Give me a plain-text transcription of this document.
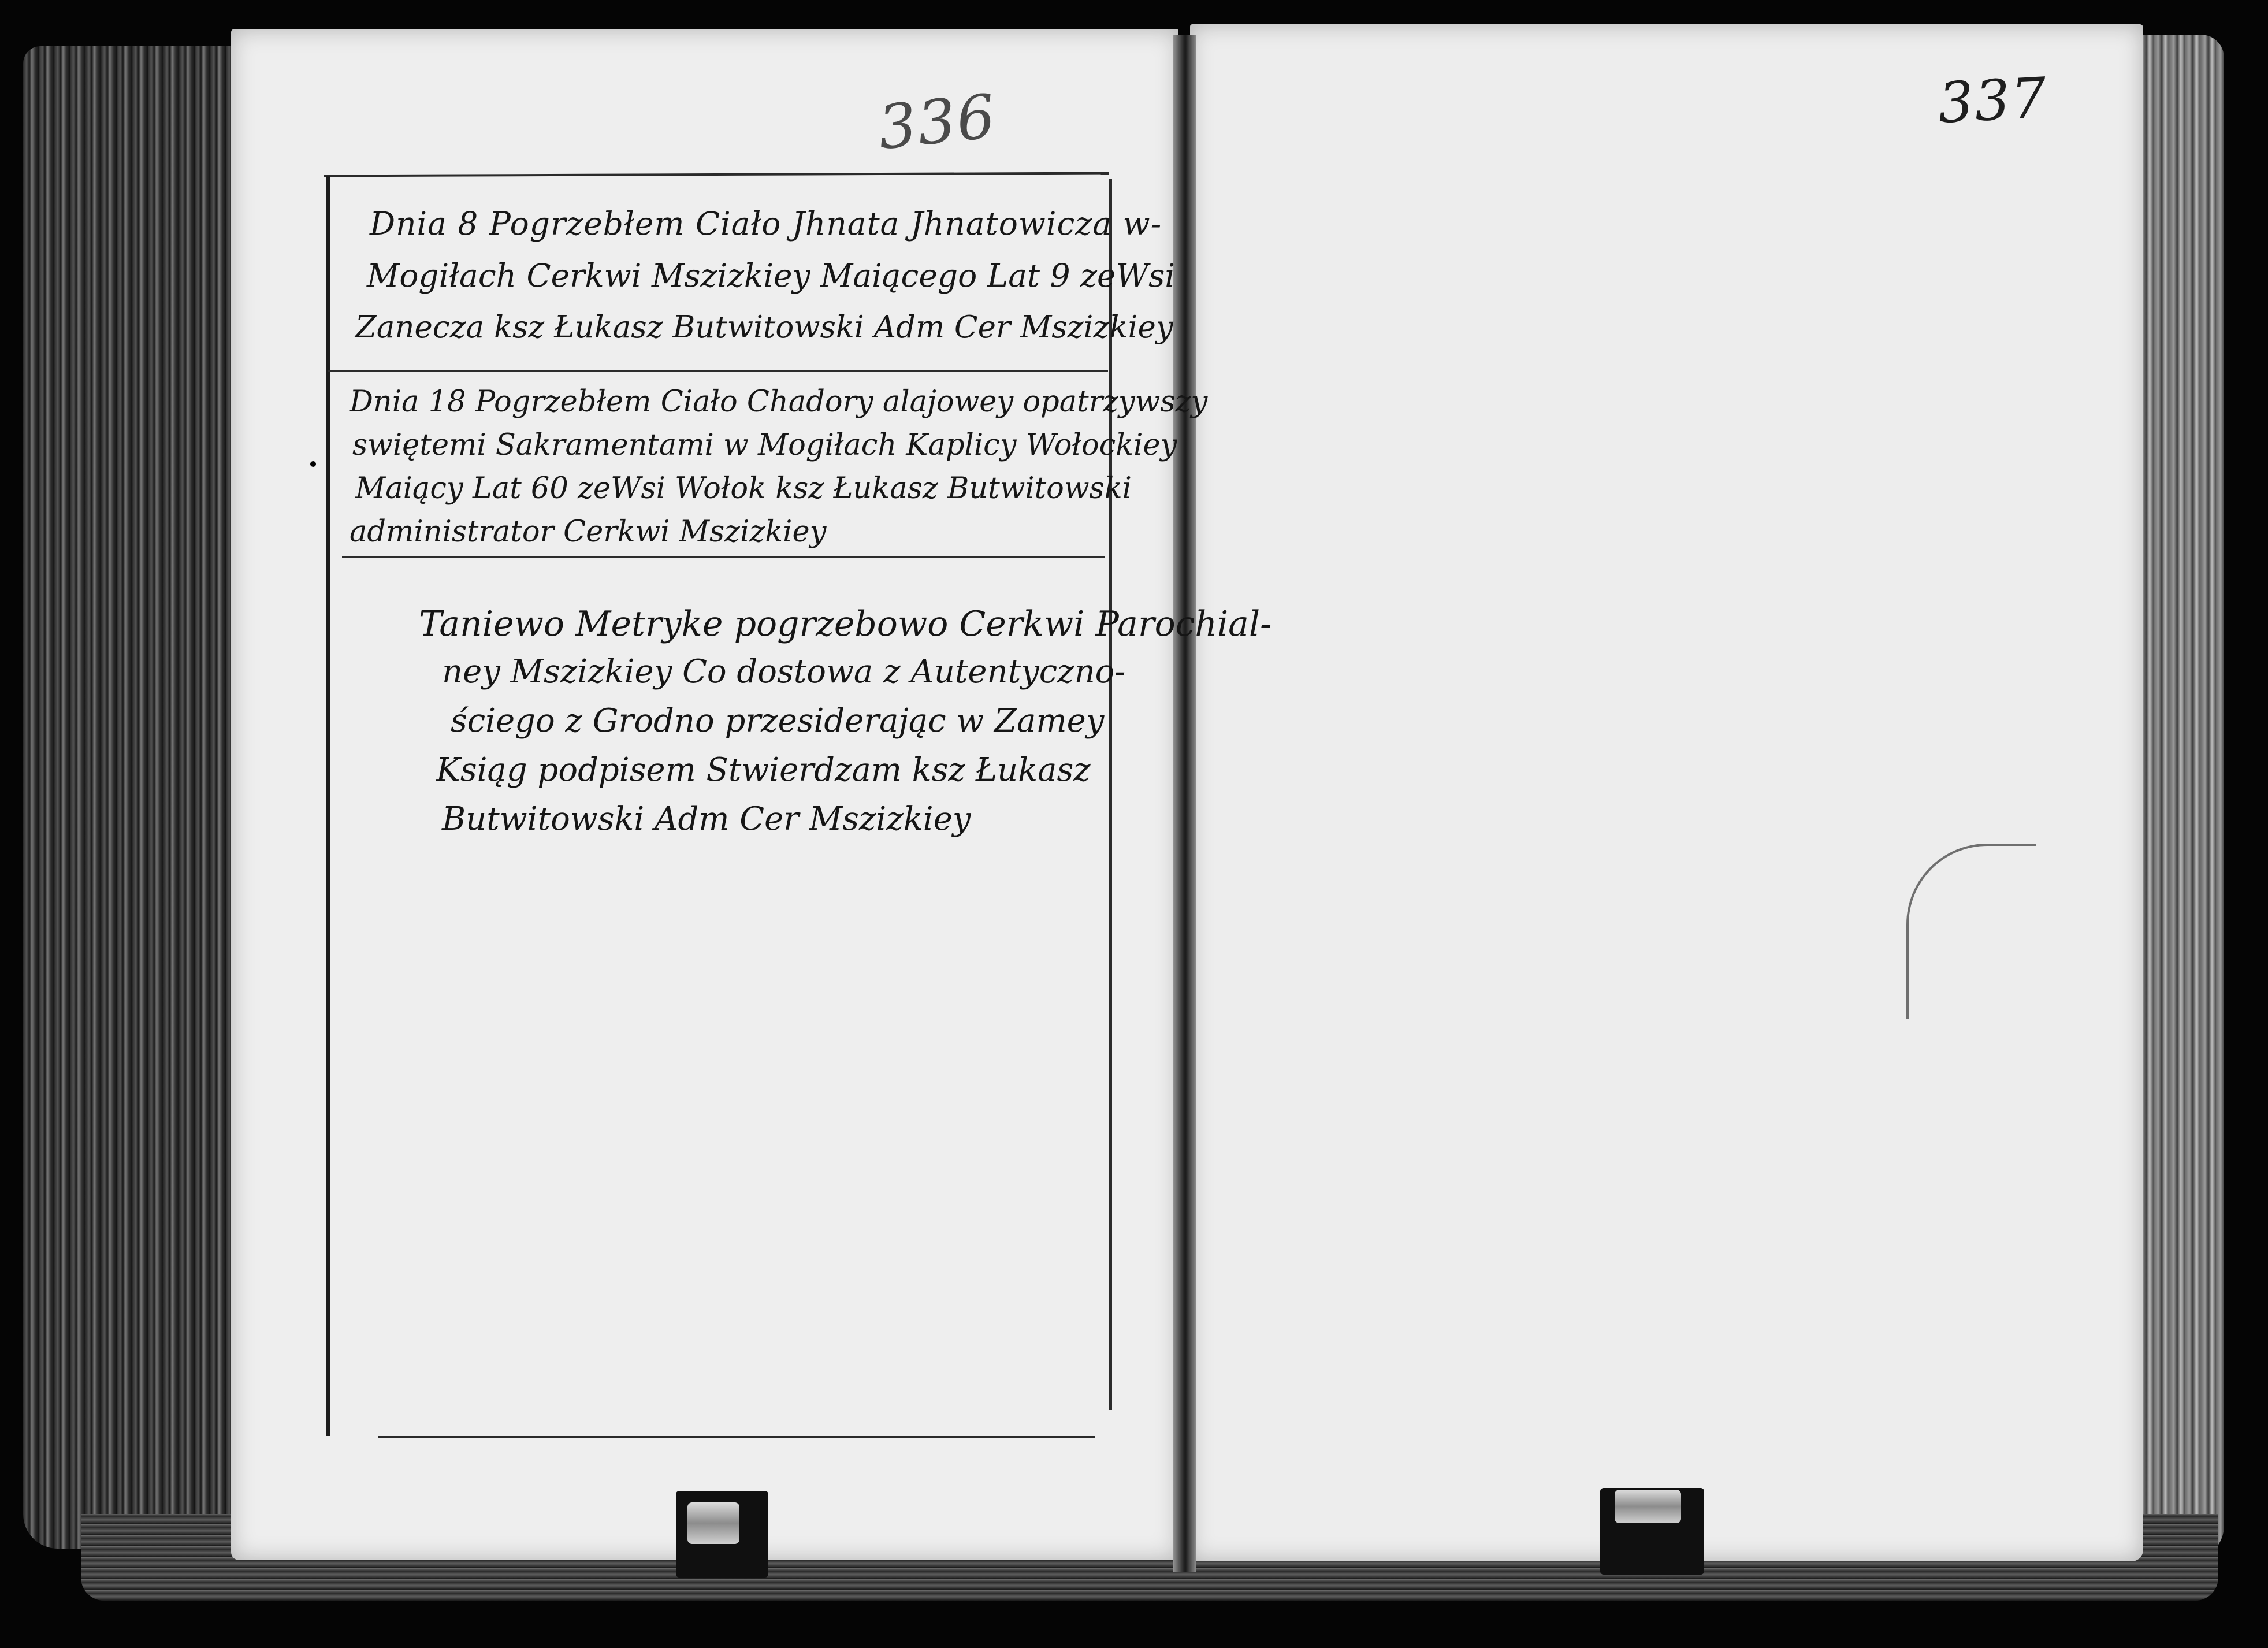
336	337
Dnia 8 Pogrzebłem Ciało Jhnata Jhnatowicza w-
Mogiłach Cerkwi Mszizkiey Maiącego Lat 9 zeWsi
Zanecza ksz Łukasz Butwitowski Adm Cer Mszizkiey
Dnia 18 Pogrzebłem Ciało Chadory alajowey opatrzywszy
swiętemi Sakramentami w Mogiłach Kaplicy Wołockiey
Maiący Lat 60 zeWsi Wołok ksz Łukasz Butwitowski
administrator Cerkwi Mszizkiey
Taniewo Metryke pogrzebowo Cerkwi Parochial-
ney Mszizkiey Co dostowa z Autentyczno-
ściego z Grodno przesiderając w Zamey
Ksiąg podpisem Stwierdzam ksz Łukasz
Butwitowski Adm Cer Mszizkiey
